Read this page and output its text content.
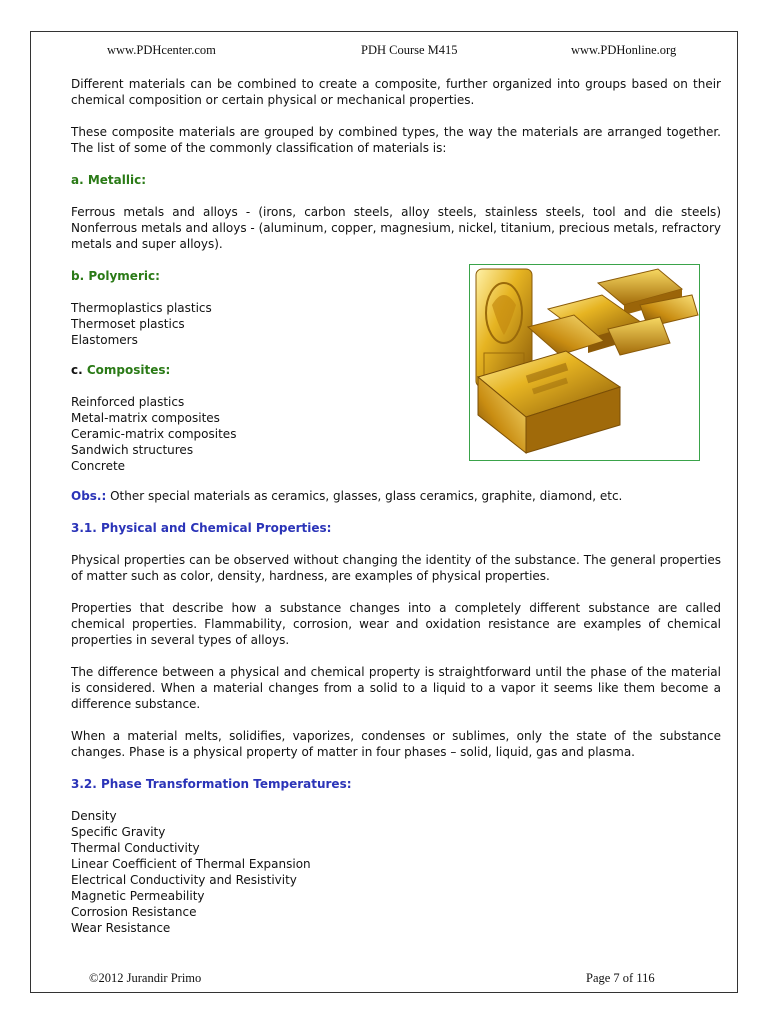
www.PDHcenter.com	PDH Course M415	www.PDHonline.org

Different materials can be combined to create a composite, further organized into groups based on their chemical composition or certain physical or mechanical properties.

These composite materials are grouped by combined types, the way the materials are arranged together. The list of some of the commonly classification of materials is:

a. Metallic:

Ferrous metals and alloys - (irons, carbon steels, alloy steels, stainless steels, tool and die steels) Nonferrous metals and alloys - (aluminum, copper, magnesium, nickel, titanium, precious metals, refractory metals and super alloys).

b. Polymeric:
Thermoplastics plastics
Thermoset plastics
Elastomers
c. Composites:
Reinforced plastics
Metal-matrix composites
Ceramic-matrix composites
Sandwich structures
Concrete

Obs.: Other special materials as ceramics, glasses, glass ceramics, graphite, diamond, etc.

3.1. Physical and Chemical Properties:

Physical properties can be observed without changing the identity of the substance. The general properties of matter such as color, density, hardness, are examples of physical properties.

Properties that describe how a substance changes into a completely different substance are called chemical properties. Flammability, corrosion, wear and oxidation resistance are examples of chemical properties in several types of alloys.

The difference between a physical and chemical property is straightforward until the phase of the material is considered. When a material changes from a solid to a liquid to a vapor it seems like them become a difference substance.

When a material melts, solidifies, vaporizes, condenses or sublimes, only the state of the substance changes. Phase is a physical property of matter in four phases – solid, liquid, gas and plasma.

3.2. Phase Transformation Temperatures:
Density
Specific Gravity
Thermal Conductivity
Linear Coefficient of Thermal Expansion
Electrical Conductivity and Resistivity
Magnetic Permeability
Corrosion Resistance
Wear Resistance
©2012 Jurandir Primo	Page 7 of 116
